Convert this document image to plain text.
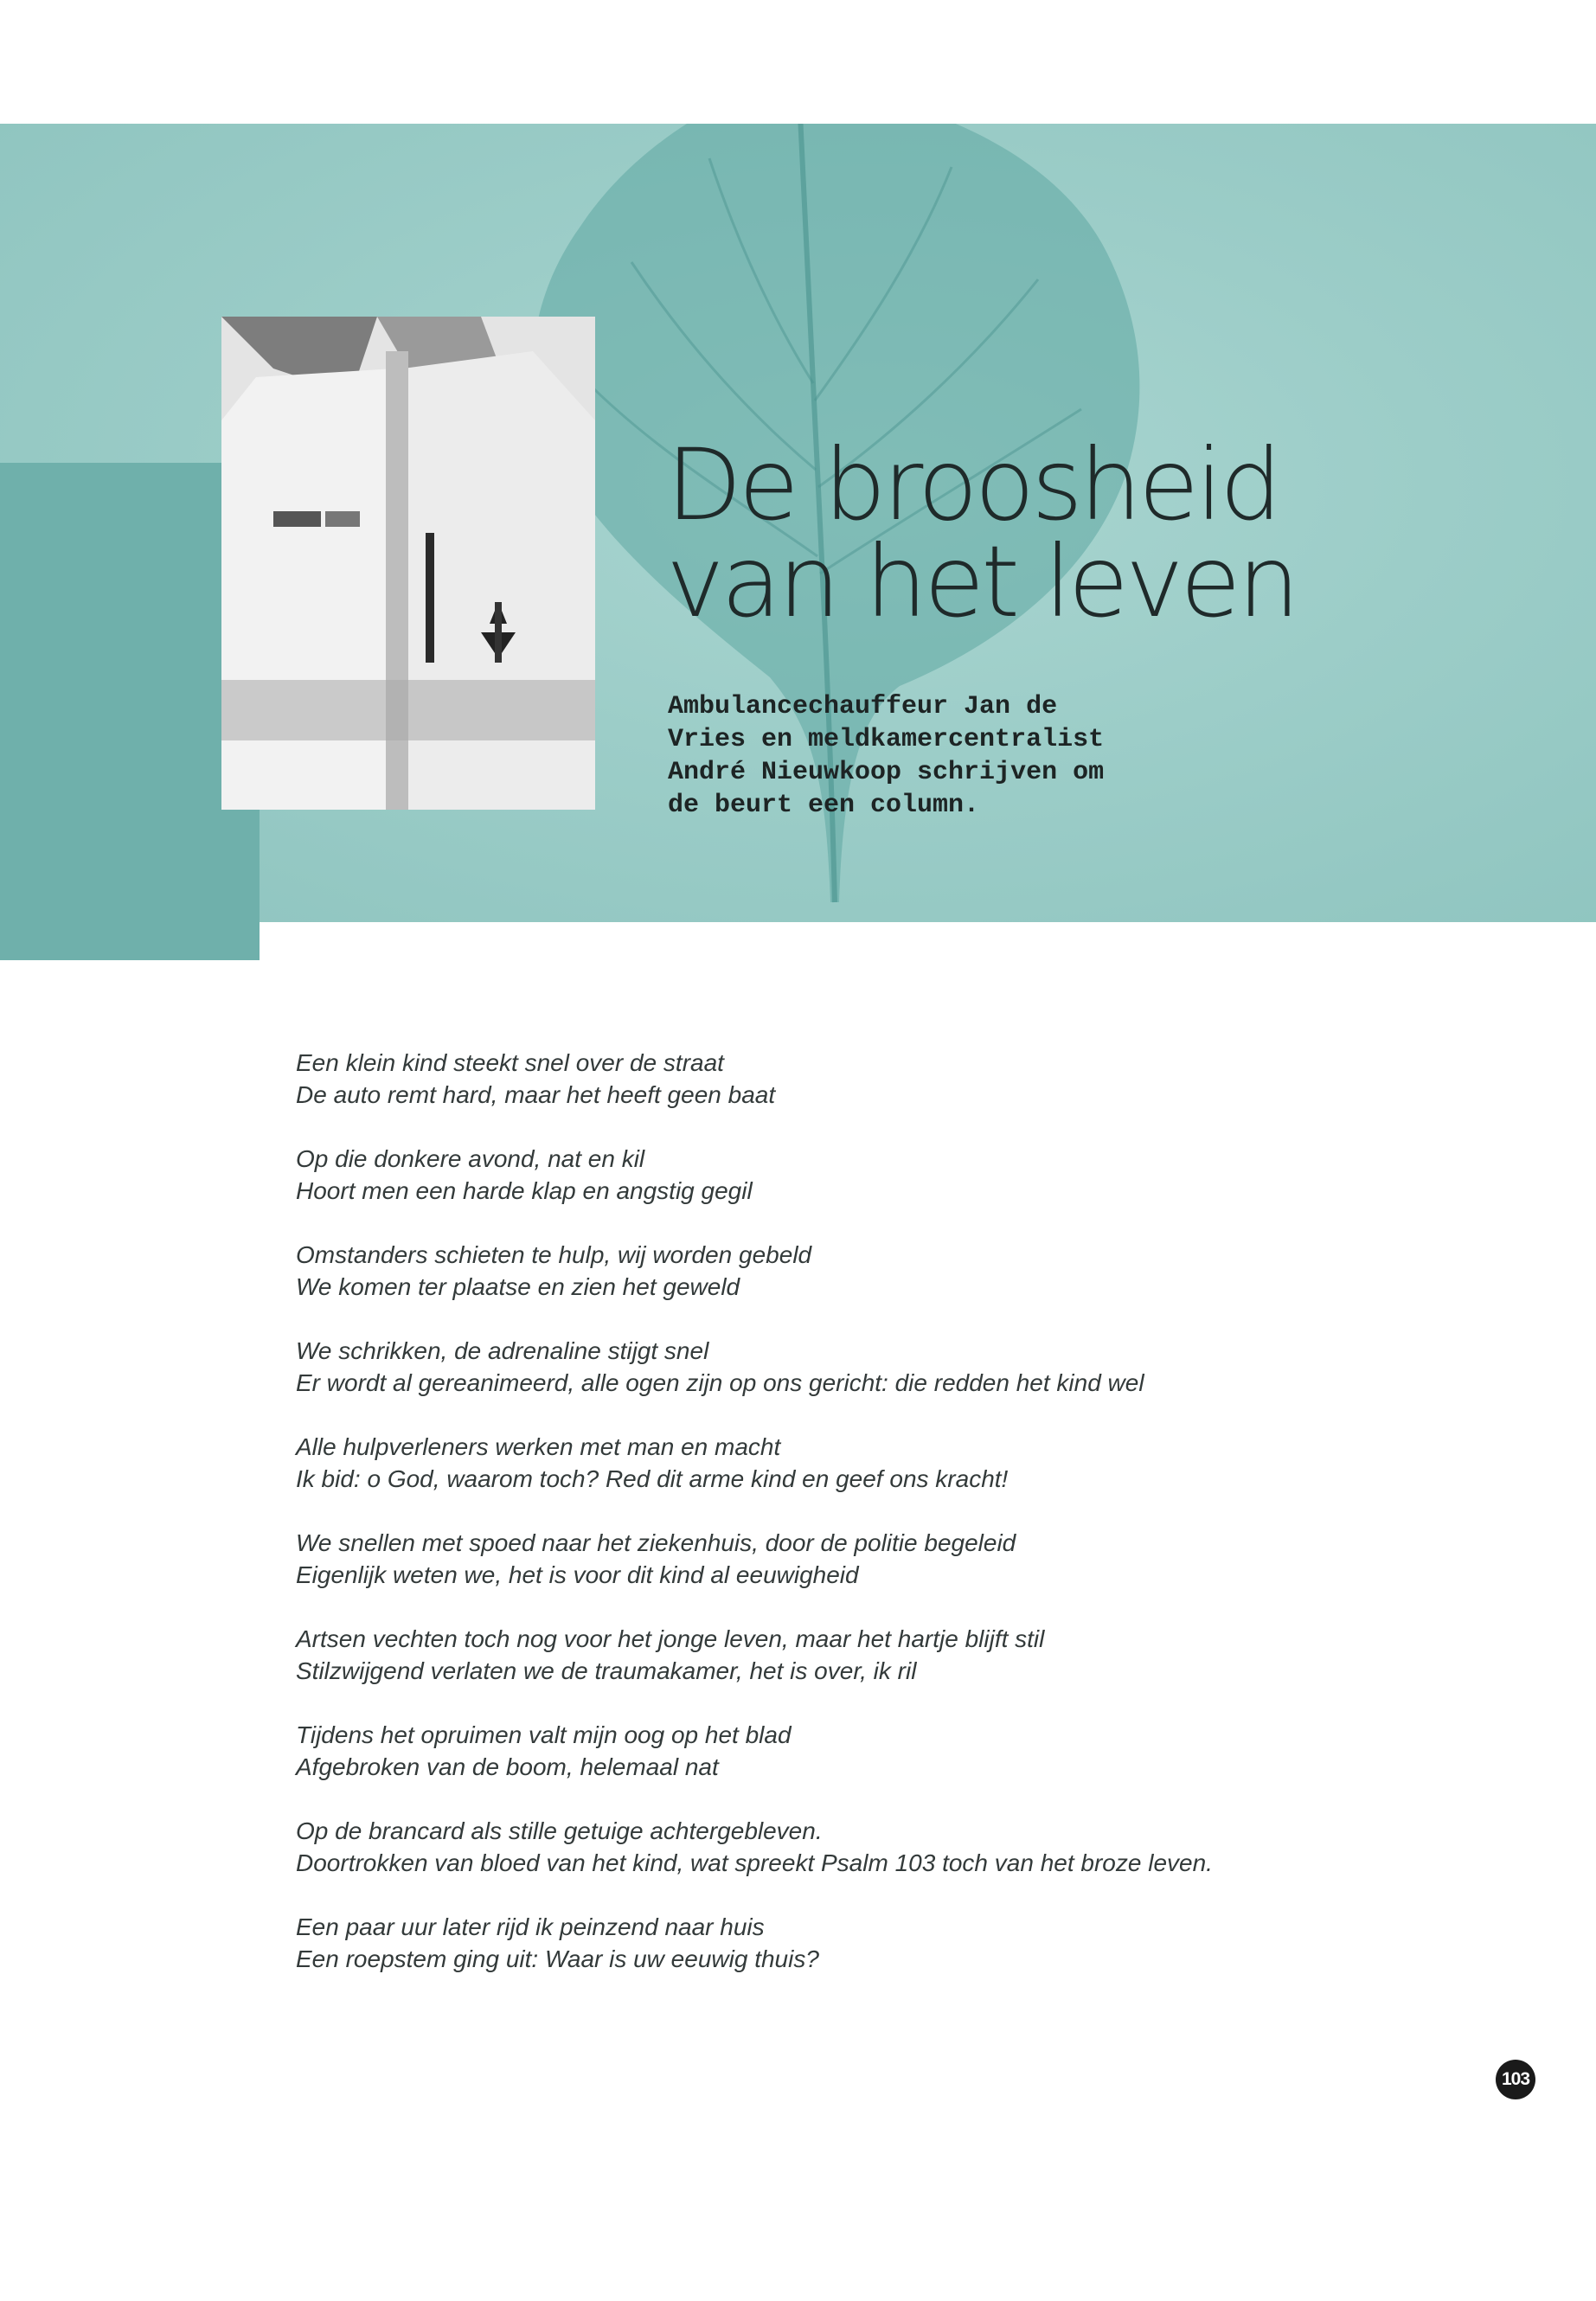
De broosheid
van het leven
Ambulancechauffeur Jan de
Vries en meldkamercentralist
André Nieuwkoop schrijven om
de beurt een column.

Een klein kind steekt snel over de straat
De auto remt hard, maar het heeft geen baat

Op die donkere avond, nat en kil
Hoort men een harde klap en angstig gegil

Omstanders schieten te hulp, wij worden gebeld
We komen ter plaatse en zien het geweld

We schrikken, de adrenaline stijgt snel
Er wordt al gereanimeerd, alle ogen zijn op ons gericht: die redden het kind wel

Alle hulpverleners werken met man en macht
Ik bid: o God, waarom toch? Red dit arme kind en geef ons kracht!

We snellen met spoed naar het ziekenhuis, door de politie begeleid
Eigenlijk weten we, het is voor dit kind al eeuwigheid

Artsen vechten toch nog voor het jonge leven, maar het hartje blijft stil
Stilzwijgend verlaten we de traumakamer, het is over, ik ril

Tijdens het opruimen valt mijn oog op het blad
Afgebroken van de boom, helemaal nat

Op de brancard als stille getuige achtergebleven.
Doortrokken van bloed van het kind, wat spreekt Psalm 103 toch van het broze leven.

Een paar uur later rijd ik peinzend naar huis
Een roepstem ging uit: Waar is uw eeuwig thuis?

103
